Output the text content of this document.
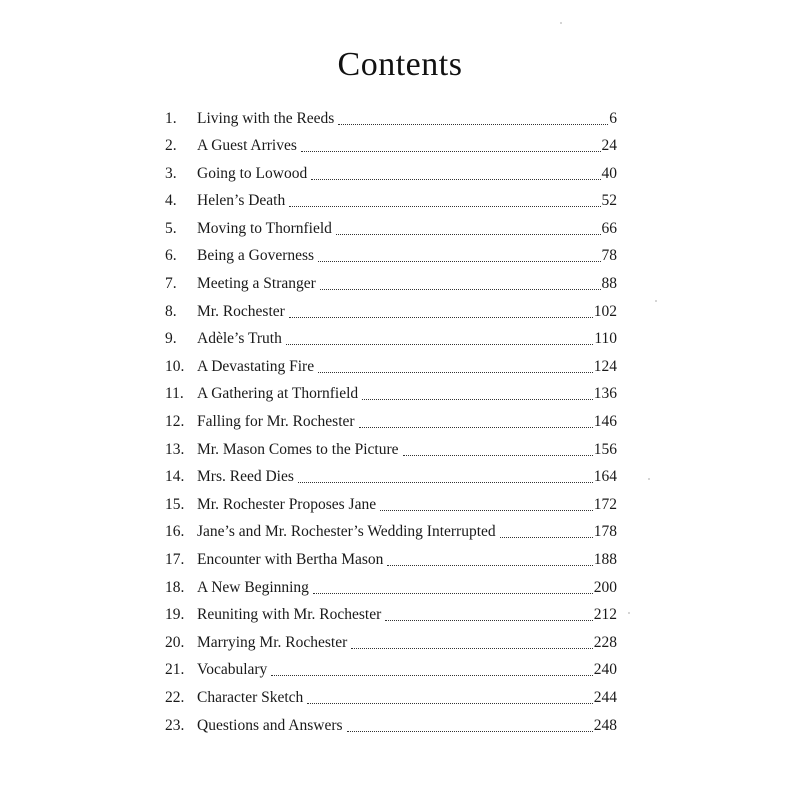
Contents
1.	Living with the Reeds	6
2.	A Guest Arrives	24
3.	Going to Lowood	40
4.	Helen’s Death	52
5.	Moving to Thornfield	66
6.	Being a Governess	78
7.	Meeting a Stranger	88
8.	Mr. Rochester	102
9.	Adèle’s Truth	110
10. A Devastating Fire	124
11. A Gathering at Thornfield	136
12. Falling for Mr. Rochester	146
13. Mr. Mason Comes to the Picture	156
14. Mrs. Reed Dies	164
15. Mr. Rochester Proposes Jane	172
16. Jane’s and Mr. Rochester’s Wedding Interrupted	178
17. Encounter with Bertha Mason	188
18. A New Beginning	200
19. Reuniting with Mr. Rochester	212
20. Marrying Mr. Rochester	228
21. Vocabulary	240
22. Character Sketch	244
23. Questions and Answers	248
